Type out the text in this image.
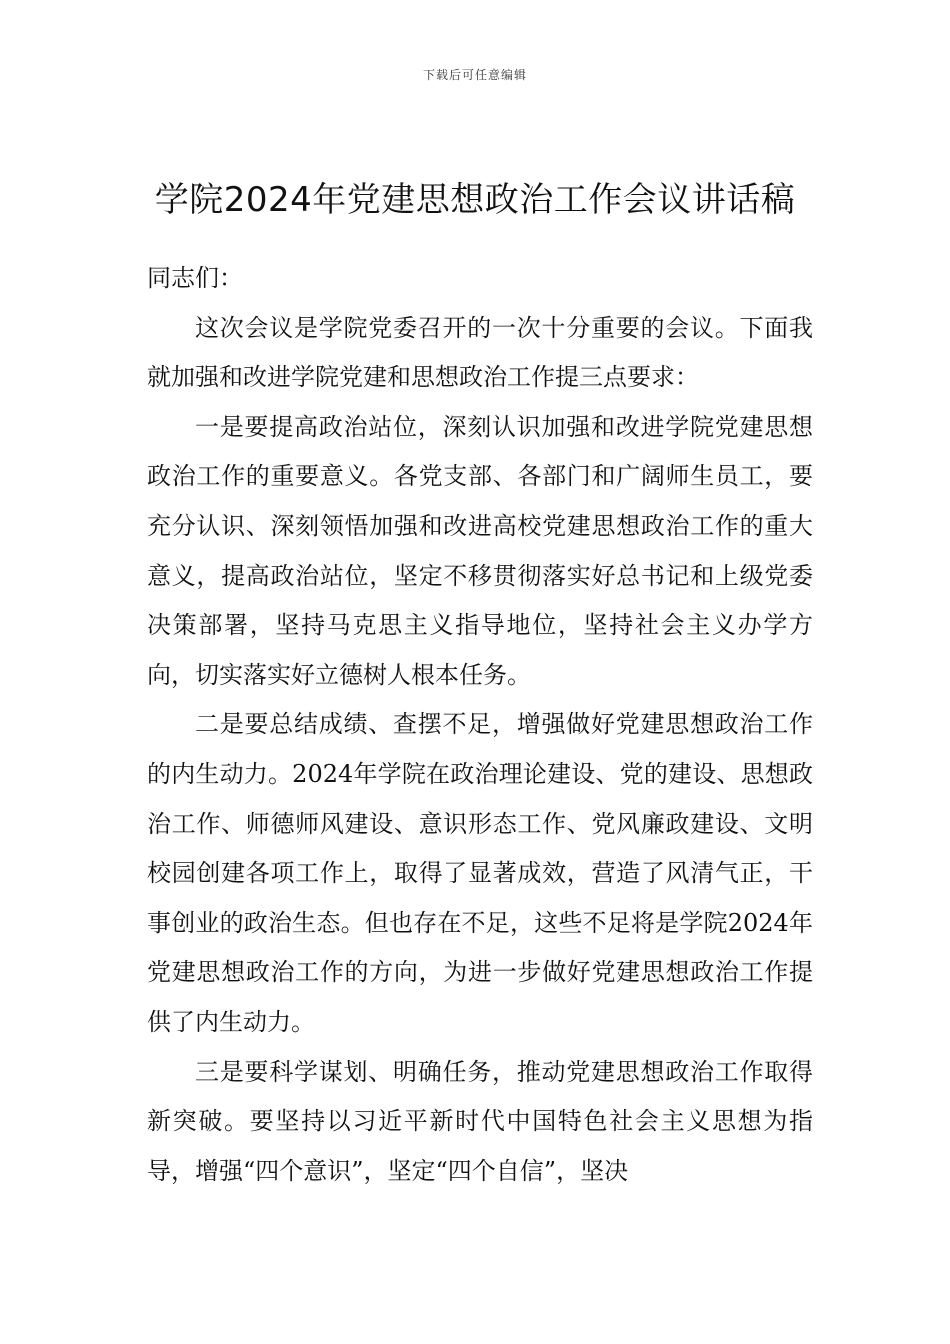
下载后可任意编辑
学院2024年党建思想政治工作会议讲话稿

同志们：

这次会议是学院党委召开的一次十分重要的会议。下面我就加强和改进学院党建和思想政治工作提三点要求：

一是要提高政治站位，深刻认识加强和改进学院党建思想政治工作的重要意义。各党支部、各部门和广阔师生员工，要充分认识、深刻领悟加强和改进高校党建思想政治工作的重大意义，提高政治站位，坚定不移贯彻落实好总书记和上级党委决策部署，坚持马克思主义指导地位，坚持社会主义办学方向，切实落实好立德树人根本任务。

二是要总结成绩、查摆不足，增强做好党建思想政治工作的内生动力。2024年学院在政治理论建设、党的建设、思想政治工作、师德师风建设、意识形态工作、党风廉政建设、文明校园创建各项工作上，取得了显著成效，营造了风清气正，干事创业的政治生态。但也存在不足，这些不足将是学院2024年党建思想政治工作的方向，为进一步做好党建思想政治工作提供了内生动力。

三是要科学谋划、明确任务，推动党建思想政治工作取得新突破。要坚持以习近平新时代中国特色社会主义思想为指导，增强“四个意识”，坚定“四个自信”，坚决
